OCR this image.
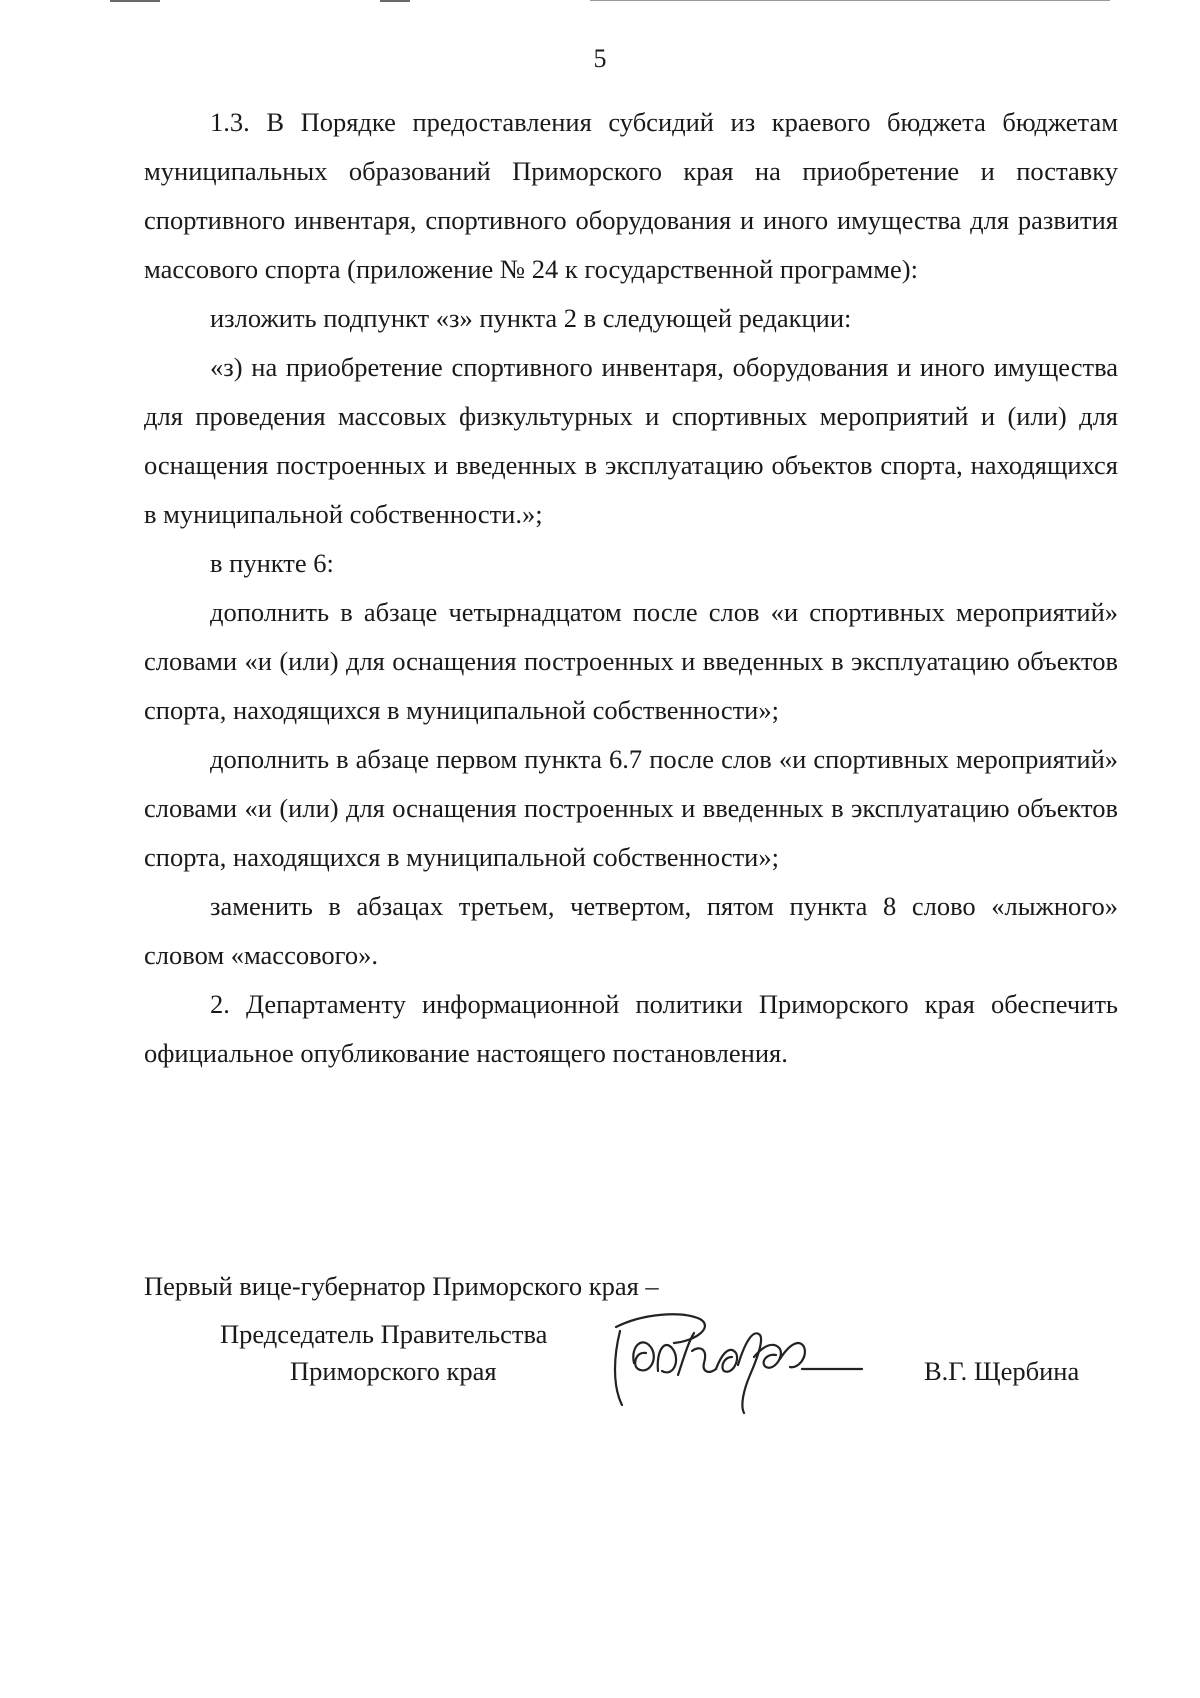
5

1.3. В Порядке предоставления субсидий из краевого бюджета бюджетам муниципальных образований Приморского края на приобретение и поставку спортивного инвентаря, спортивного оборудования и иного имущества для развития массового спорта (приложение № 24 к государственной программе):

изложить подпункт «з» пункта 2 в следующей редакции:

«з) на приобретение спортивного инвентаря, оборудования и иного имущества для проведения массовых физкультурных и спортивных мероприятий и (или) для оснащения построенных и введенных в эксплуатацию объектов спорта, находящихся в муниципальной собственности.»;

в пункте 6:

дополнить в абзаце четырнадцатом после слов «и спортивных мероприятий» словами «и (или) для оснащения построенных и введенных в эксплуатацию объектов спорта, находящихся в муниципальной собственности»;

дополнить в абзаце первом пункта 6.7 после слов «и спортивных мероприятий» словами «и (или) для оснащения построенных и введенных в эксплуатацию объектов спорта, находящихся в муниципальной собственности»;

заменить в абзацах третьем, четвертом, пятом пункта 8 слово «лыжного» словом «массового».

2. Департаменту информационной политики Приморского края обеспечить официальное опубликование настоящего постановления.

Первый вице-губернатор Приморского края –
Председатель Правительства
Приморского края	В.Г. Щербина
